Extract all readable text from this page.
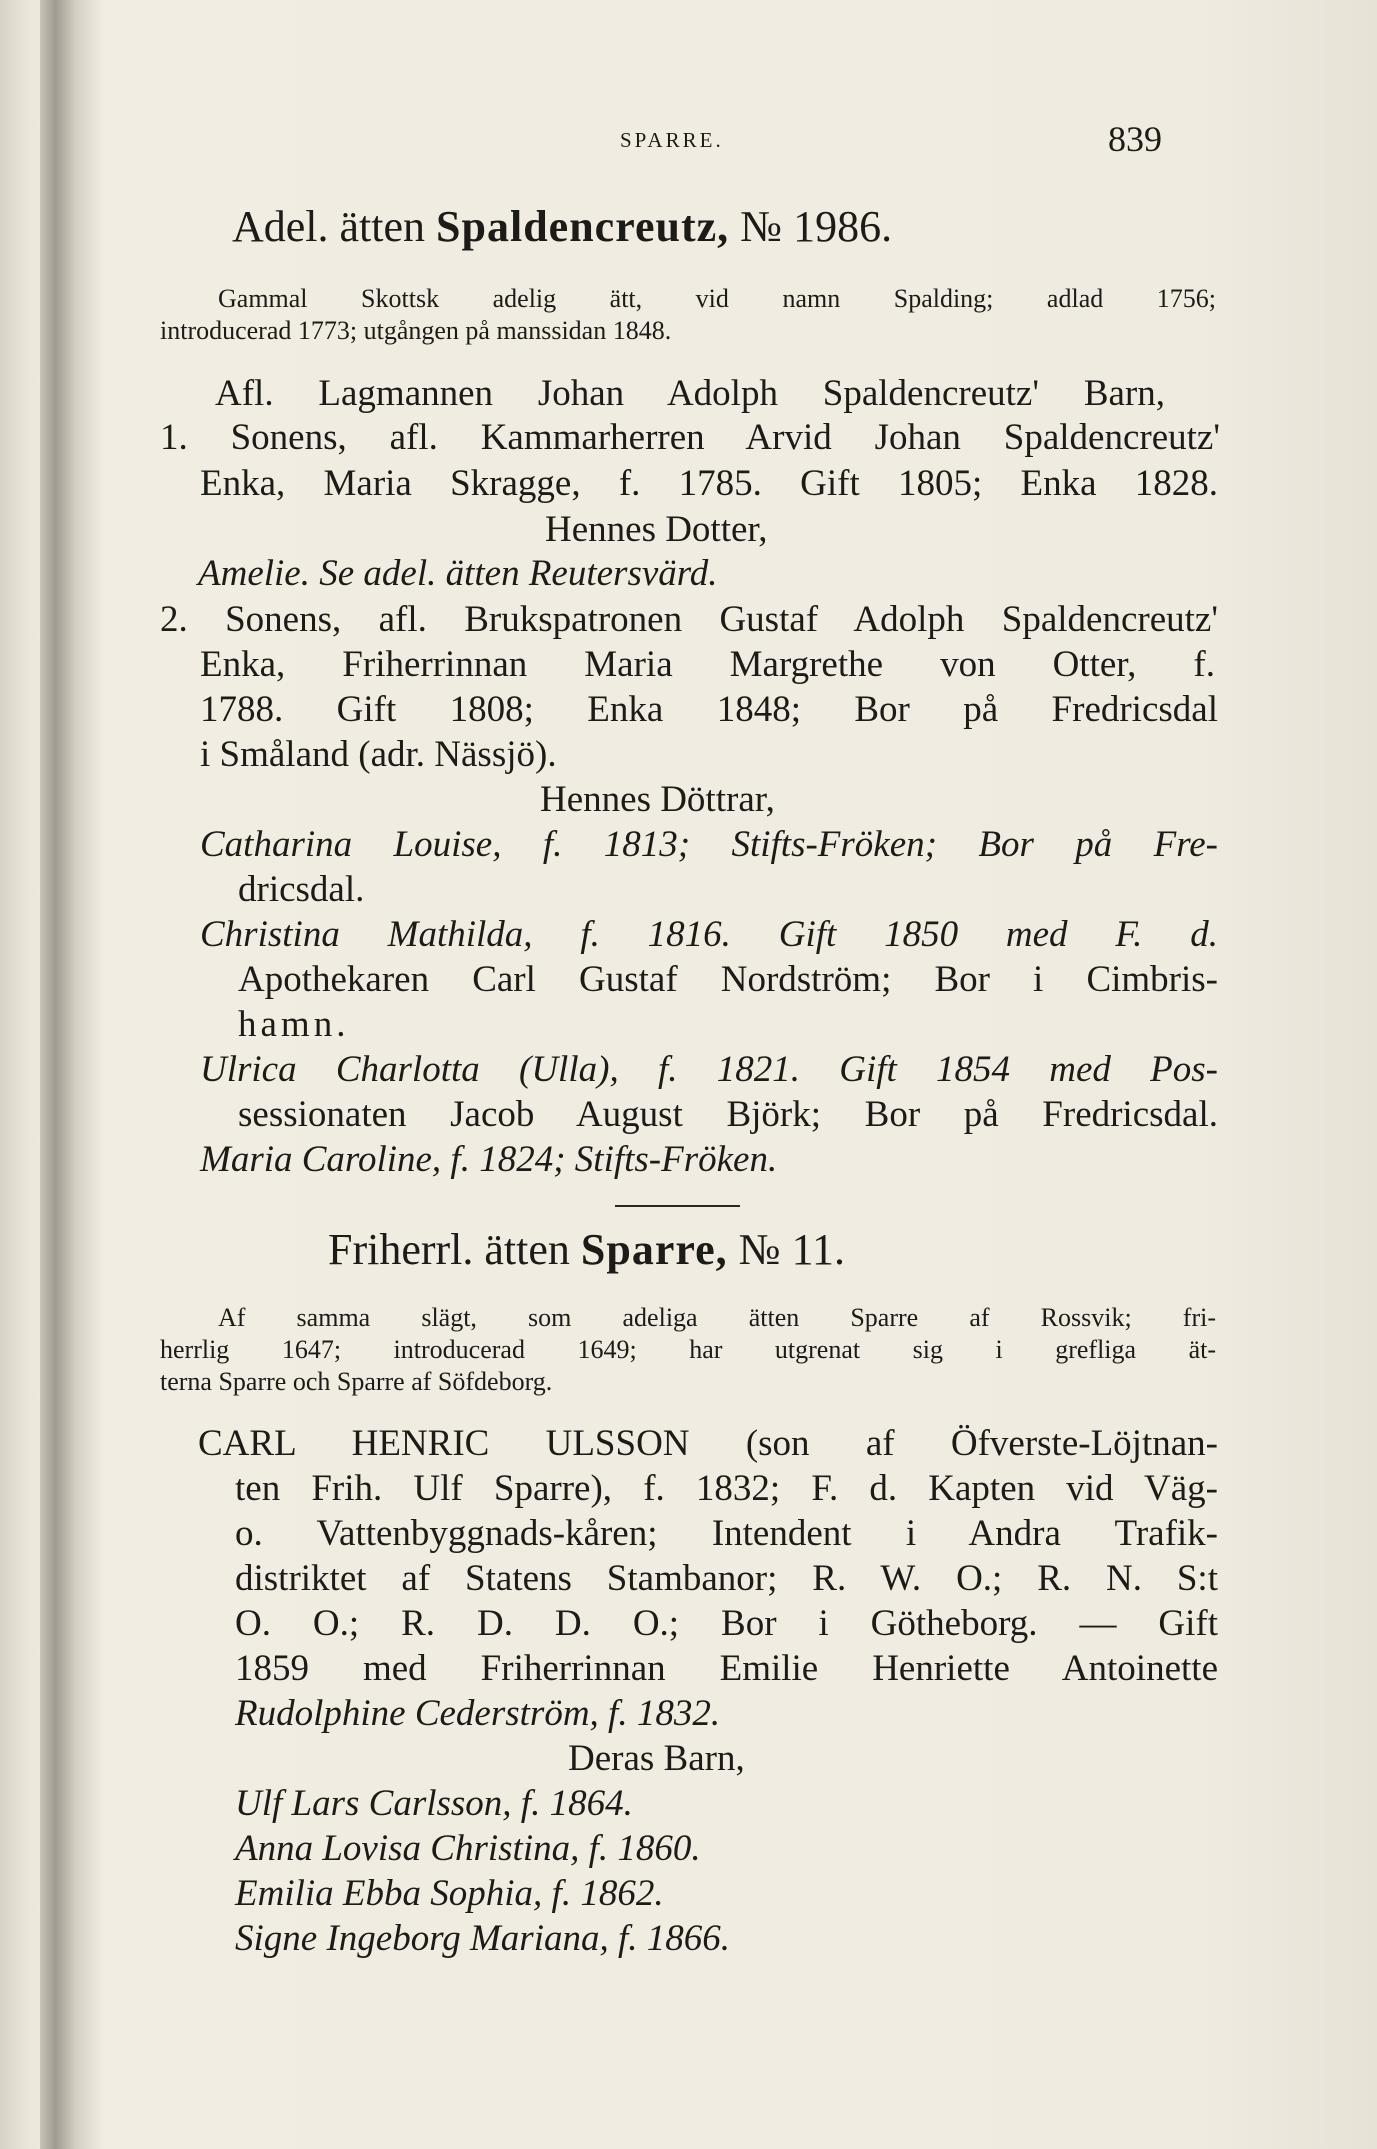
SPARRE.	839
Adel. ätten Spaldencreutz, № 1986.
Gammal Skottsk adelig ätt, vid namn Spalding; adlad 1756;
introducerad 1773; utgången på manssidan 1848.
Afl. Lagmannen Johan Adolph Spaldencreutz' Barn,
1. Sonens, afl. Kammarherren Arvid Johan Spaldencreutz'
Enka, Maria Skragge, f. 1785. Gift 1805; Enka 1828.
Hennes Dotter,
Amelie. Se adel. ätten Reutersvärd.
2. Sonens, afl. Brukspatronen Gustaf Adolph Spaldencreutz'
Enka, Friherrinnan Maria Margrethe von Otter, f.
1788. Gift 1808; Enka 1848; Bor på Fredricsdal
i Småland (adr. Nässjö).
Hennes Döttrar,
Catharina Louise, f. 1813; Stifts-Fröken; Bor på Fre-
dricsdal.
Christina Mathilda, f. 1816. Gift 1850 med F. d.
Apothekaren Carl Gustaf Nordström; Bor i Cimbris-
hamn.
Ulrica Charlotta (Ulla), f. 1821. Gift 1854 med Pos-
sessionaten Jacob August Björk; Bor på Fredricsdal.
Maria Caroline, f. 1824; Stifts-Fröken.
Friherrl. ätten Sparre, № 11.
Af samma slägt, som adeliga ätten Sparre af Rossvik; fri-
herrlig 1647; introducerad 1649; har utgrenat sig i grefliga ät-
terna Sparre och Sparre af Söfdeborg.
CARL HENRIC ULSSON (son af Öfverste-Löjtnan-
ten Frih. Ulf Sparre), f. 1832; F. d. Kapten vid Väg-
o. Vattenbyggnads-kåren; Intendent i Andra Trafik-
distriktet af Statens Stambanor; R. W. O.; R. N. S:t
O. O.; R. D. D. O.; Bor i Götheborg. — Gift
1859 med Friherrinnan Emilie Henriette Antoinette
Rudolphine Cederström, f. 1832.
Deras Barn,
Ulf Lars Carlsson, f. 1864.
Anna Lovisa Christina, f. 1860.
Emilia Ebba Sophia, f. 1862.
Signe Ingeborg Mariana, f. 1866.
